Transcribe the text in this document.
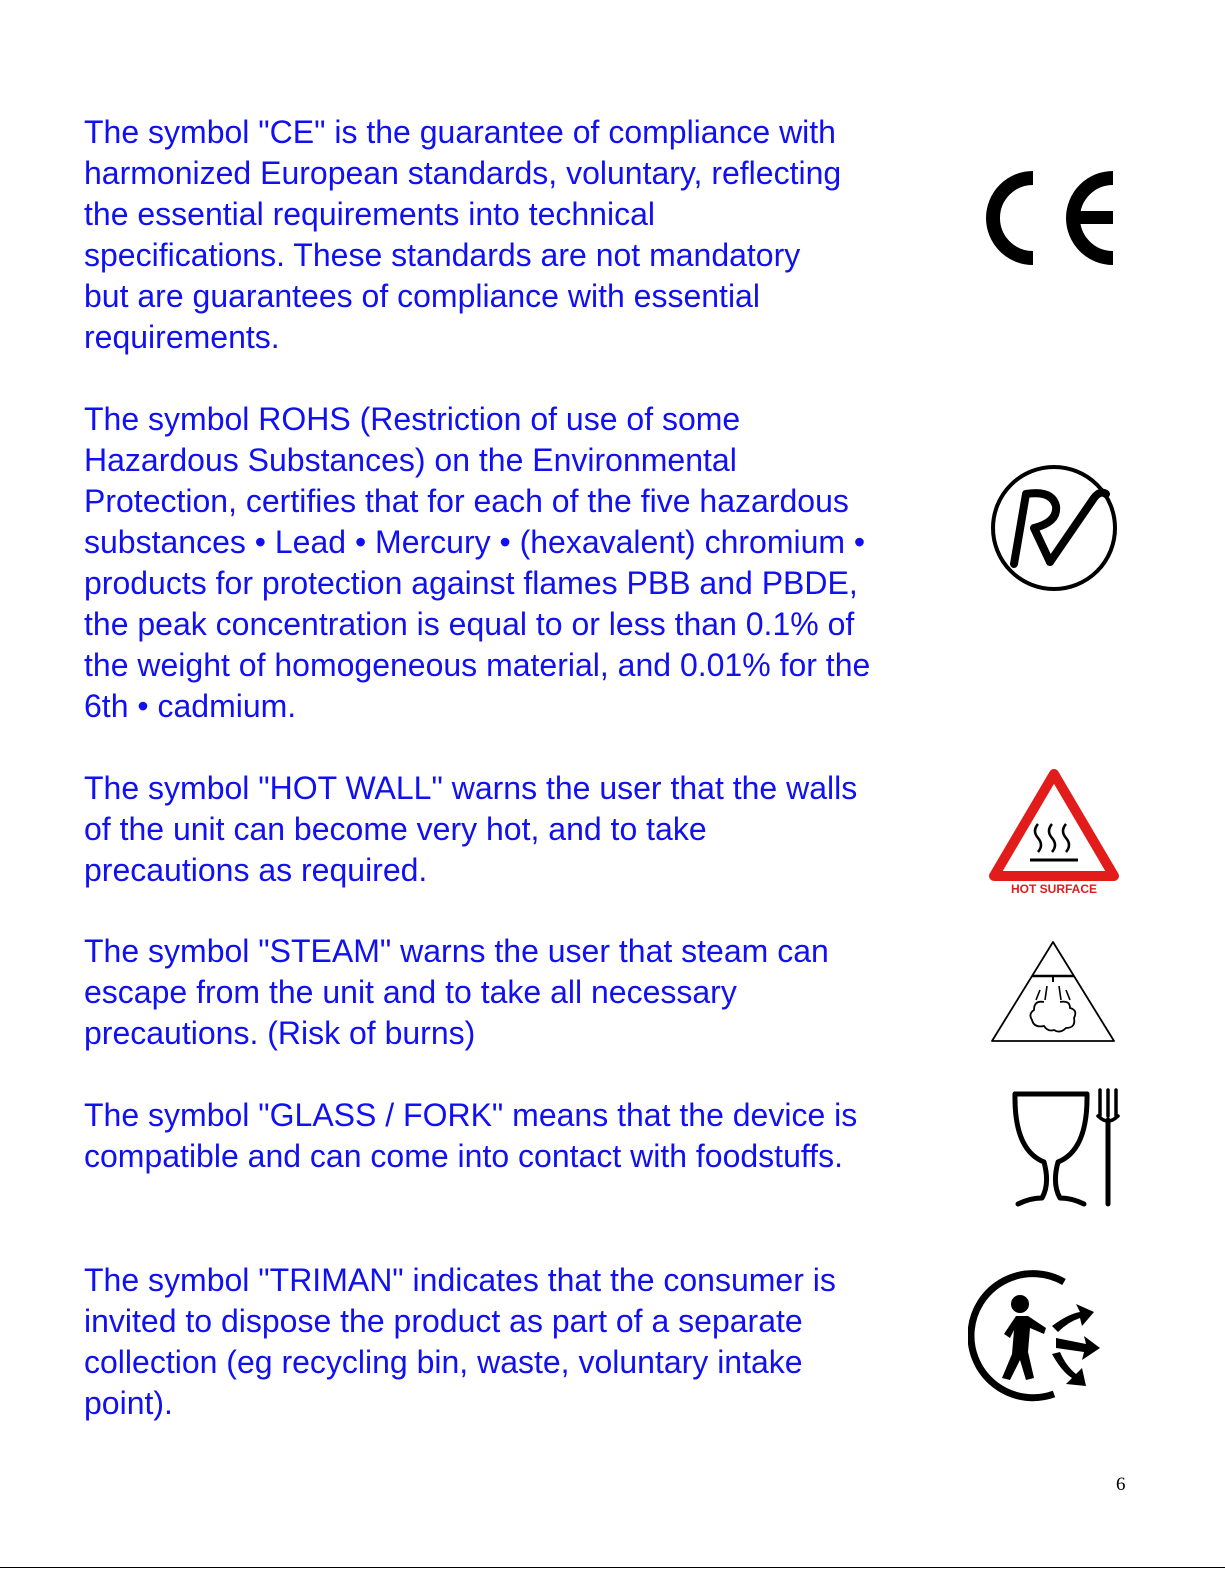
The symbol "CE" is the guarantee of compliance with
harmonized European standards, voluntary, reflecting
the essential requirements into technical
specifications. These standards are not mandatory
but are guarantees of compliance with essential
requirements.

The symbol ROHS (Restriction of use of some
Hazardous Substances) on the Environmental
Protection, certifies that for each of the five hazardous
substances • Lead • Mercury • (hexavalent) chromium •
products for protection against flames PBB and PBDE,
the peak concentration is equal to or less than 0.1% of
the weight of homogeneous material, and 0.01% for the
6th • cadmium.

The symbol "HOT WALL" warns the user that the walls
of the unit can become very hot, and to take
precautions as required.

HOT SURFACE

The symbol "STEAM" warns the user that steam can
escape from the unit and to take all necessary
precautions. (Risk of burns)

The symbol "GLASS / FORK" means that the device is
compatible and can come into contact with foodstuffs.

The symbol "TRIMAN" indicates that the consumer is
invited to dispose the product as part of a separate
collection (eg recycling bin, waste, voluntary intake
point).

6
